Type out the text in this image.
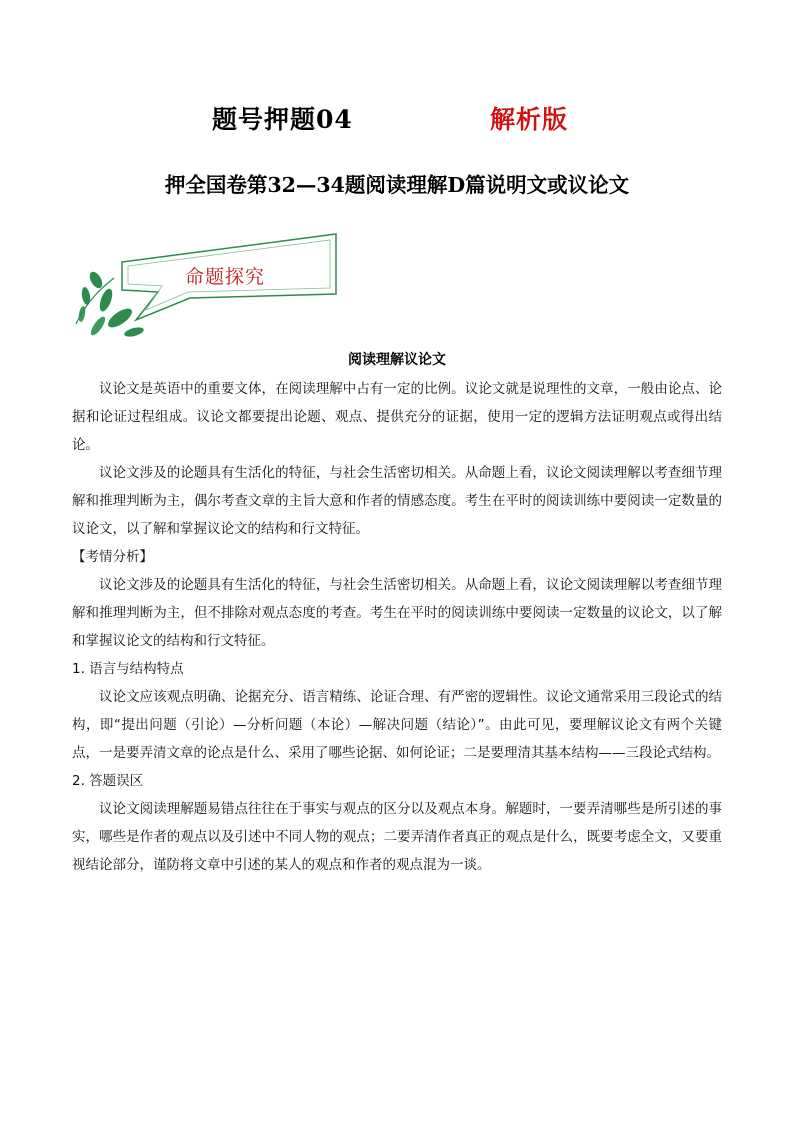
题号押题04	解析版
押全国卷第32—34题阅读理解D篇说明文或议论文
命题探究
阅读理解议论文

议论文是英语中的重要文体，在阅读理解中占有一定的比例。议论文就是说理性的文章，一般由论点、论据和论证过程组成。议论文都要提出论题、观点、提供充分的证据，使用一定的逻辑方法证明观点或得出结论。

议论文涉及的论题具有生活化的特征，与社会生活密切相关。从命题上看，议论文阅读理解以考查细节理解和推理判断为主，偶尔考查文章的主旨大意和作者的情感态度。考生在平时的阅读训练中要阅读一定数量的议论文，以了解和掌握议论文的结构和行文特征。

【考情分析】

议论文涉及的论题具有生活化的特征，与社会生活密切相关。从命题上看，议论文阅读理解以考查细节理解和推理判断为主，但不排除对观点态度的考查。考生在平时的阅读训练中要阅读一定数量的议论文，以了解和掌握议论文的结构和行文特征。

1. 语言与结构特点

议论文应该观点明确、论据充分、语言精练、论证合理、有严密的逻辑性。议论文通常采用三段论式的结构，即“提出问题（引论）—分析问题（本论）—解决问题（结论）”。由此可见，要理解议论文有两个关键点，一是要弄清文章的论点是什么、采用了哪些论据、如何论证；二是要理清其基本结构——三段论式结构。

2. 答题误区

议论文阅读理解题易错点往往在于事实与观点的区分以及观点本身。解题时，一要弄清哪些是所引述的事实，哪些是作者的观点以及引述中不同人物的观点；二要弄清作者真正的观点是什么，既要考虑全文，又要重视结论部分，谨防将文章中引述的某人的观点和作者的观点混为一谈。
